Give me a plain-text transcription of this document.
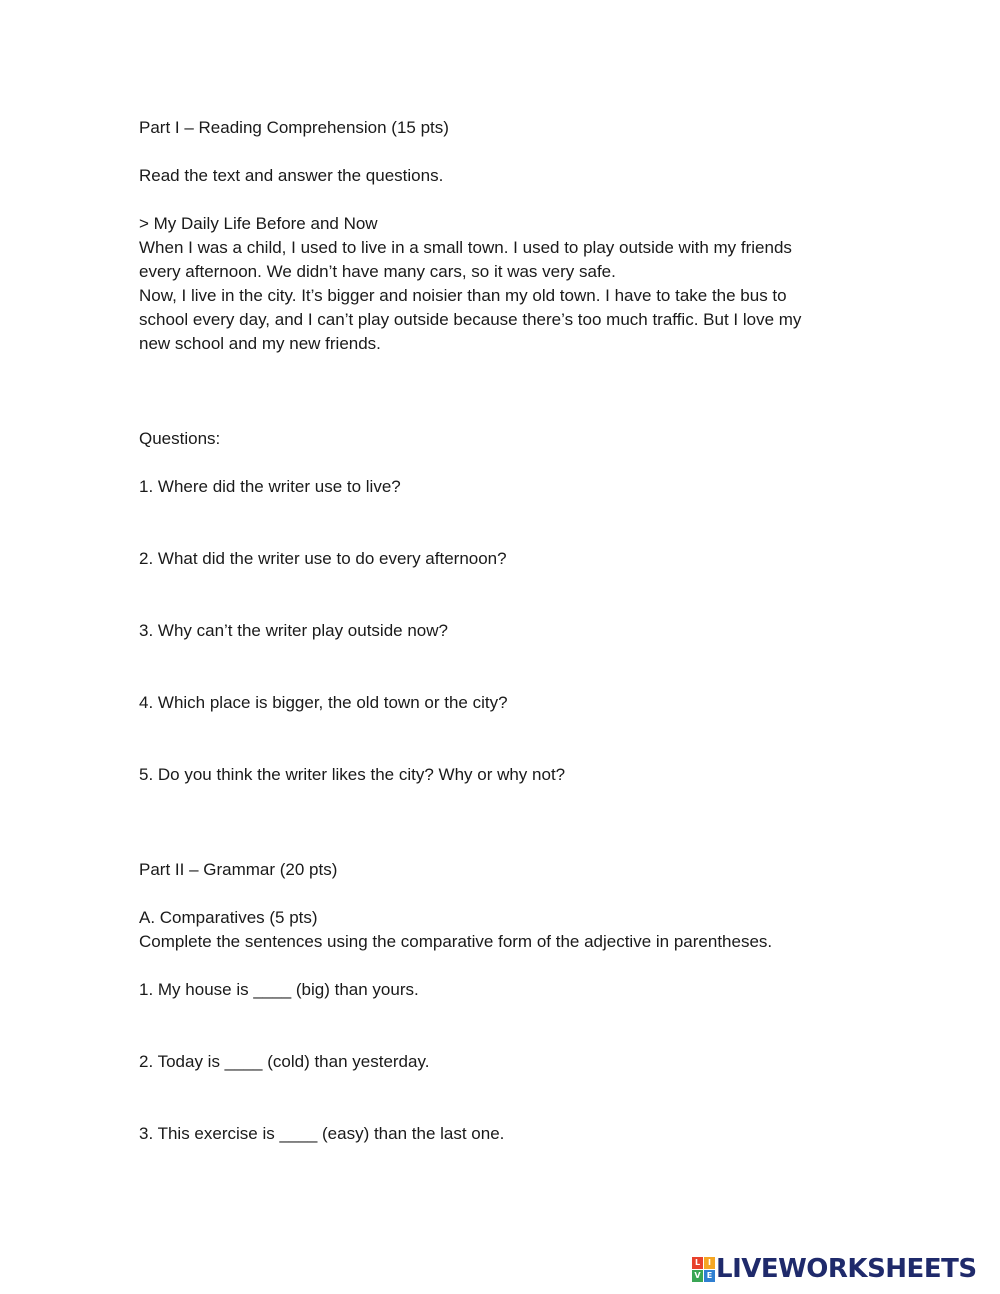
Part I – Reading Comprehension (15 pts)
Read the text and answer the questions.
> My Daily Life Before and Now
When I was a child, I used to live in a small town. I used to play outside with my friends
every afternoon. We didn’t have many cars, so it was very safe.
Now, I live in the city. It’s bigger and noisier than my old town. I have to take the bus to
school every day, and I can’t play outside because there’s too much traffic. But I love my
new school and my new friends.
Questions:
1. Where did the writer use to live?
2. What did the writer use to do every afternoon?
3. Why can’t the writer play outside now?
4. Which place is bigger, the old town or the city?
5. Do you think the writer likes the city? Why or why not?
Part II – Grammar (20 pts)
A. Comparatives (5 pts)
Complete the sentences using the comparative form of the adjective in parentheses.
1. My house is ____ (big) than yours.
2. Today is ____ (cold) than yesterday.
3. This exercise is ____ (easy) than the last one.
L I
V E LIVEWORKSHEETS
